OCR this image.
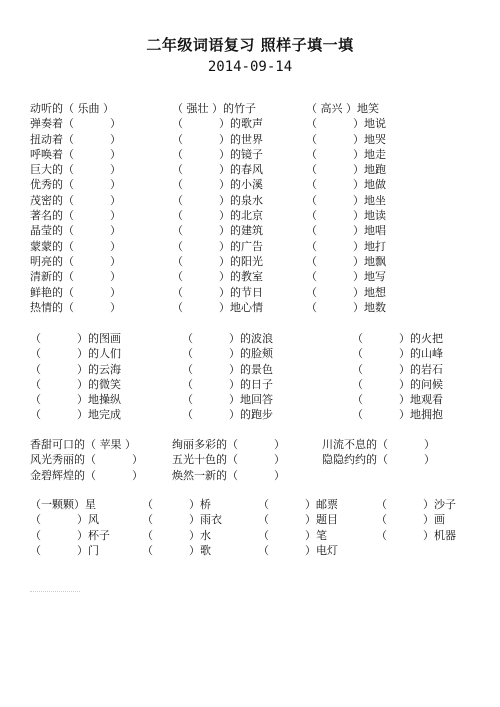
二年级词语复习 照样子填一填
2014-09-14
动听的（ 乐曲 ）	（ 强壮 ）的竹子	（ 高兴 ）地笑
弹奏着（	）	（	）的歌声	（	）地说
扭动着（	）	（	）的世界	（	）地哭
呼唤着（	）	（	）的镜子	（	）地走
巨大的（	）	（	）的春风	（	）地跑
优秀的（	）	（	）的小溪	（	）地做
茂密的（	）	（	）的泉水	（	）地坐
著名的（	）	（	）的北京	（	）地读
晶莹的（	）	（	）的建筑	（	）地唱
蒙蒙的（	）	（	）的广告	（	）地打
明亮的（	）	（	）的阳光	（	）地飘
清新的（	）	（	）的教室	（	）地写
鲜艳的（	）	（	）的节日	（	）地想
热情的（	）	（	）地心情	（	）地数
（	）的图画	（	）的波浪	（	）的火把
（	）的人们	（	）的脸颊	（	）的山峰
（	）的云海	（	）的景色	（	）的岩石
（	）的微笑	（	）的日子	（	）的问候
（	）地操纵	（	）地回答	（	）地观看
（	）地完成	（	）的跑步	（	）地拥抱
香甜可口的（ 苹果 ）	绚丽多彩的（	）	川流不息的（	）
风光秀丽的（	）	五光十色的（	）	隐隐约约的（	）
金碧辉煌的（	）	焕然一新的（	）
（一颗颗）星	（	）桥	（	）邮票	（	）沙子
（	）风	（	）雨衣	（	）题目	（	）画
（	）杯子	（	）水	（	）笔	（	）机器
（	）门	（	）歌	（	）电灯
